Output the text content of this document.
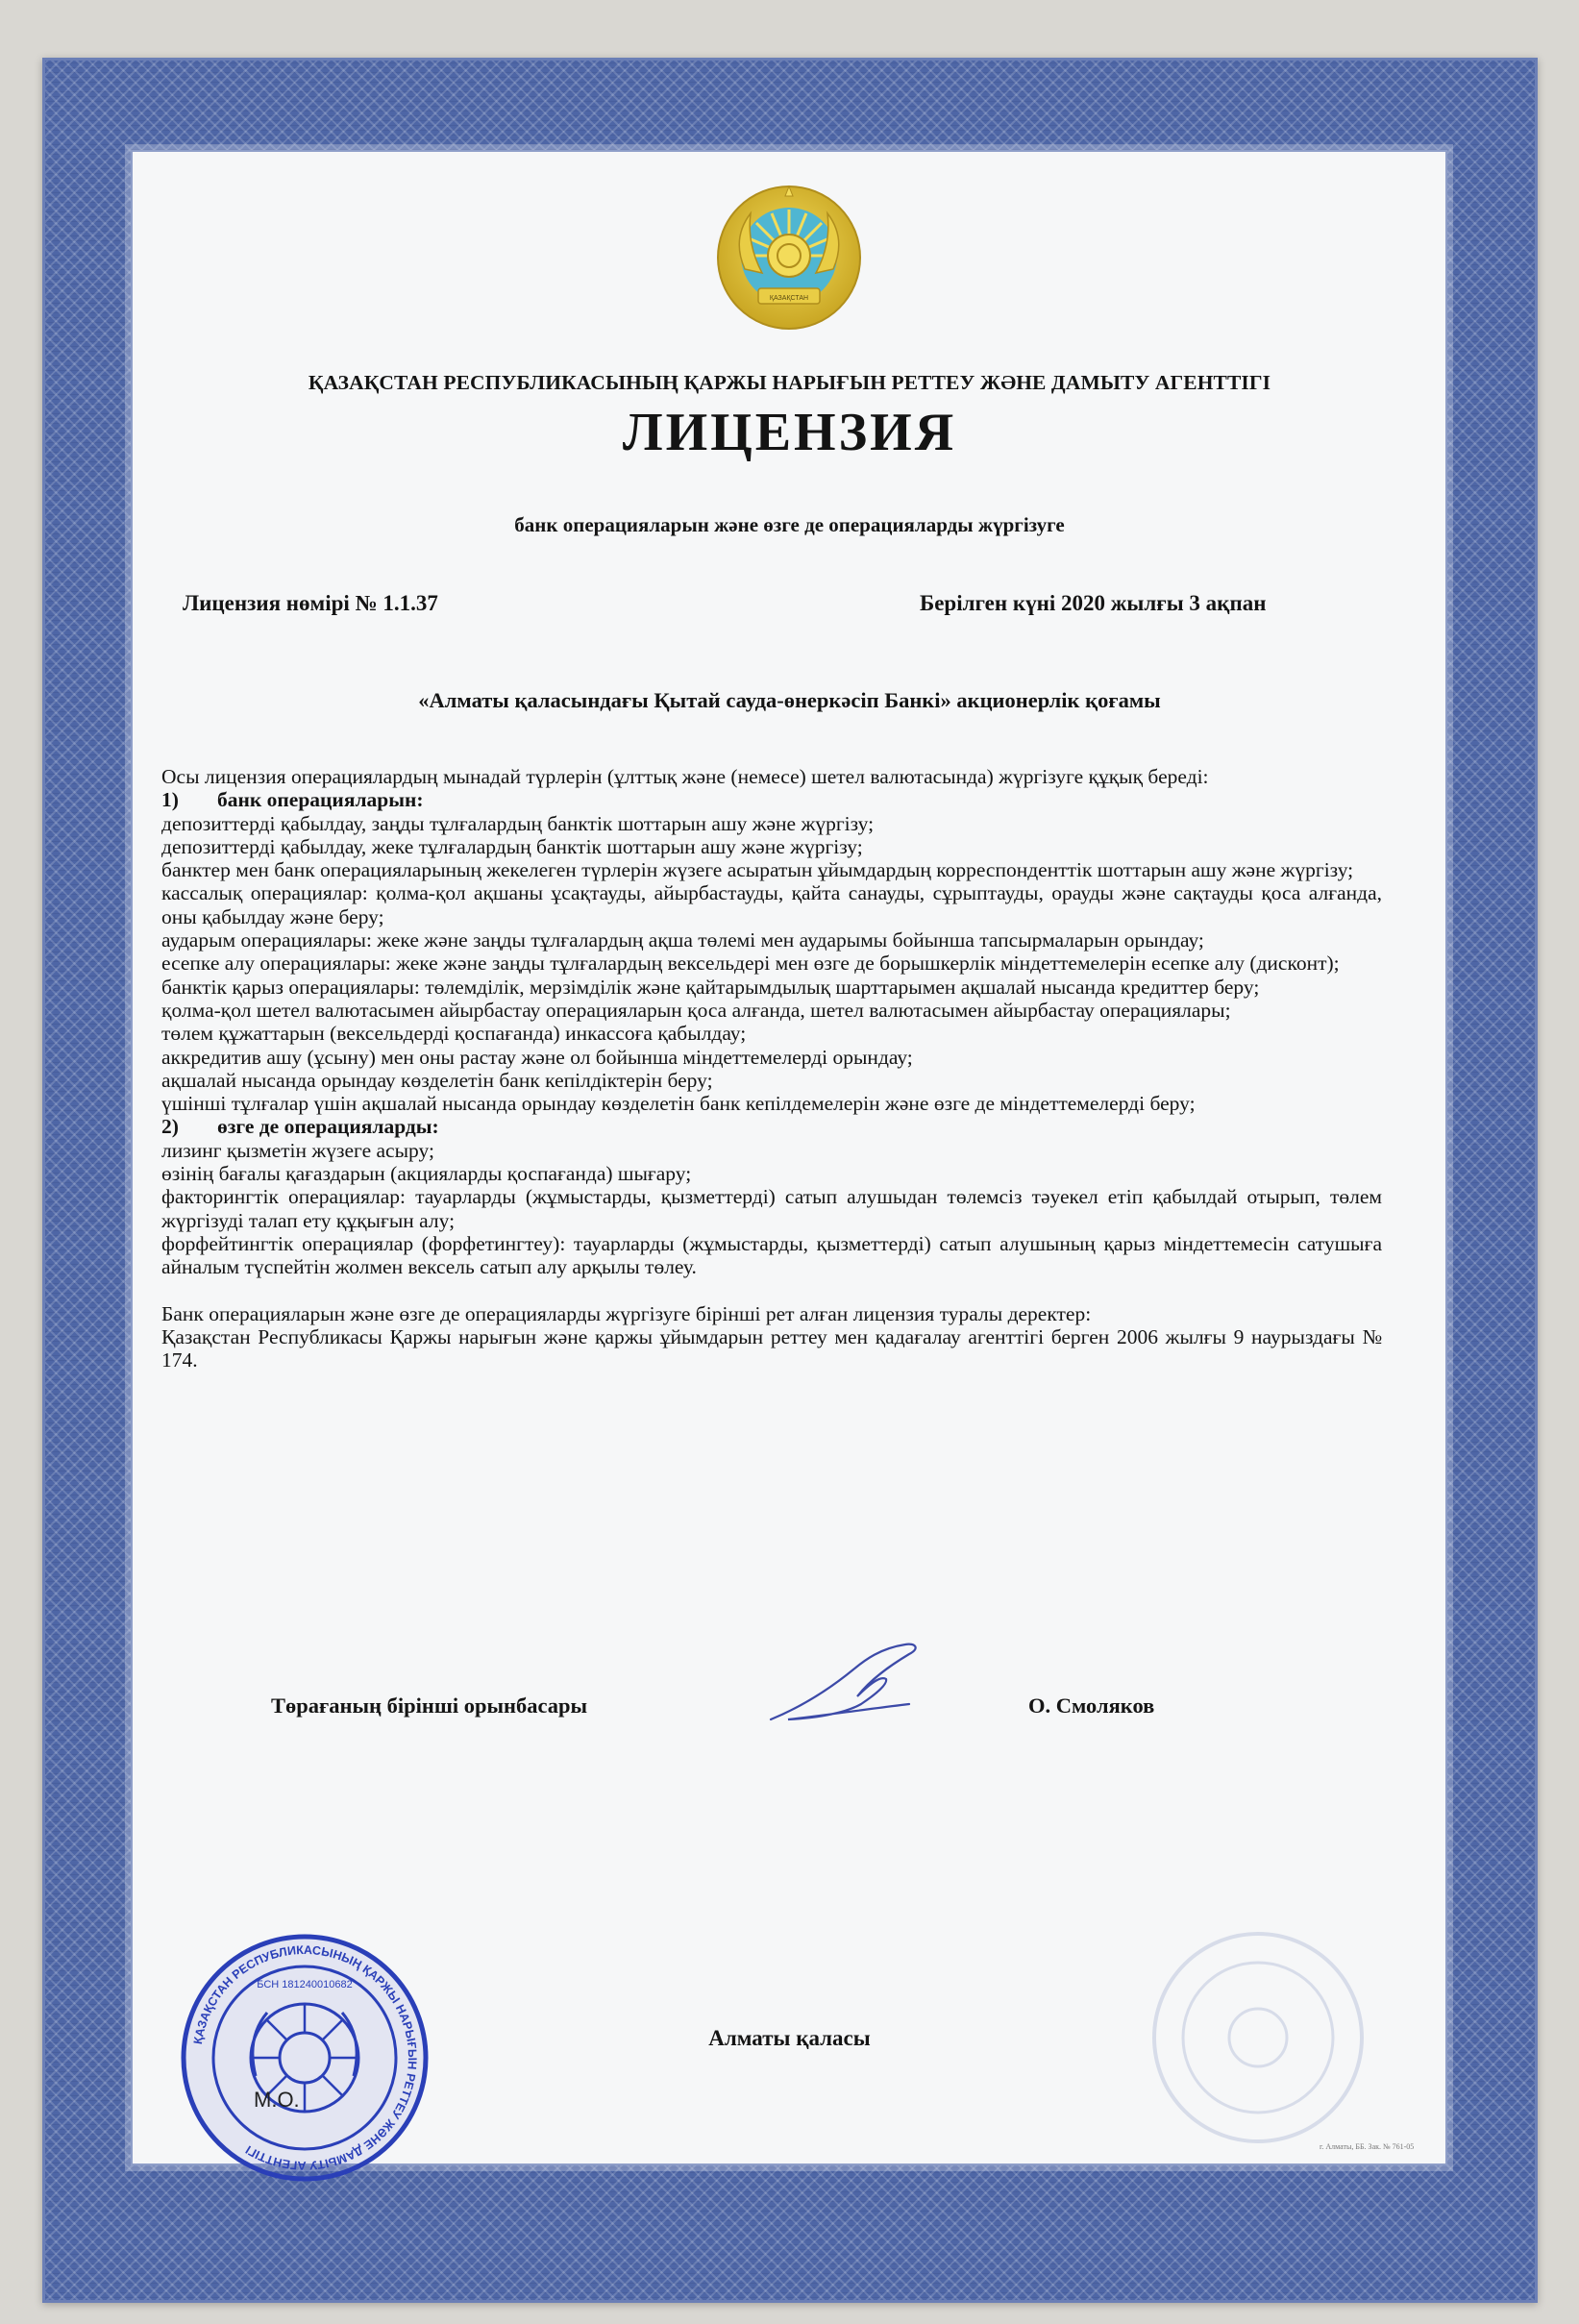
ҚАЗАҚСТАН
ҚАЗАҚСТАН РЕСПУБЛИКАСЫНЫҢ ҚАРЖЫ НАРЫҒЫН РЕТТЕУ ЖӘНЕ ДАМЫТУ АГЕНТТІГІ
ЛИЦЕНЗИЯ
банк операцияларын және өзге де операцияларды жүргізуге
Лицензия нөмірі № 1.1.37	Берілген күні 2020 жылғы 3 ақпан
«Алматы қаласындағы Қытай сауда-өнеркәсіп Банкі» акционерлік қоғамы

Осы лицензия операциялардың мынадай түрлерін (ұлттық және (немесе) шетел валютасында) жүргізуге құқық береді:

1) банк операцияларын:

депозиттерді қабылдау, заңды тұлғалардың банктік шоттарын ашу және жүргізу;

депозиттерді қабылдау, жеке тұлғалардың банктік шоттарын ашу және жүргізу;

банктер мен банк операцияларының жекелеген түрлерін жүзеге асыратын ұйымдардың корреспонденттік шоттарын ашу және жүргізу;

кассалық операциялар: қолма-қол ақшаны ұсақтауды, айырбастауды, қайта санауды, сұрыптауды, орауды және сақтауды қоса алғанда, оны қабылдау және беру;

аударым операциялары: жеке және заңды тұлғалардың ақша төлемі мен аударымы бойынша тапсырмаларын орындау;

есепке алу операциялары: жеке және заңды тұлғалардың вексельдері мен өзге де борышкерлік міндеттемелерін есепке алу (дисконт);

банктік қарыз операциялары: төлемділік, мерзімділік және қайтарымдылық шарттарымен ақшалай нысанда кредиттер беру;

қолма-қол шетел валютасымен айырбастау операцияларын қоса алғанда, шетел валютасымен айырбастау операциялары;

төлем құжаттарын (вексельдерді қоспағанда) инкассоға қабылдау;

аккредитив ашу (ұсыну) мен оны растау және ол бойынша міндеттемелерді орындау;

ақшалай нысанда орындау көзделетін банк кепілдіктерін беру;

үшінші тұлғалар үшін ақшалай нысанда орындау көзделетін банк кепілдемелерін және өзге де міндеттемелерді беру;

2) өзге де операцияларды:

лизинг қызметін жүзеге асыру;

өзінің бағалы қағаздарын (акцияларды қоспағанда) шығару;

факторингтік операциялар: тауарларды (жұмыстарды, қызметтерді) сатып алушыдан төлемсіз тәуекел етіп қабылдай отырып, төлем жүргізуді талап ету құқығын алу;

форфейтингтік операциялар (форфетингтеу): тауарларды (жұмыстарды, қызметтерді) сатып алушының қарыз міндеттемесін сатушыға айналым түспейтін жолмен вексель сатып алу арқылы төлеу.

Банк операцияларын және өзге де операцияларды жүргізуге бірінші рет алған лицензия туралы деректер:

Қазақстан Республикасы Қаржы нарығын және қаржы ұйымдарын реттеу мен қадағалау агенттігі берген 2006 жылғы 9 наурыздағы № 174.

Төрағаның бірінші орынбасары	О. Смоляков
ҚАЗАҚСТАН РЕСПУБЛИКАСЫНЫҢ ҚАРЖЫ НАРЫҒЫН РЕТТЕУ ЖӘНЕ ДАМЫТУ АГЕНТТІГІ
БСН 181240010682
М.О.
Алматы қаласы
г. Алматы, ББ. Зак. № 761-05
